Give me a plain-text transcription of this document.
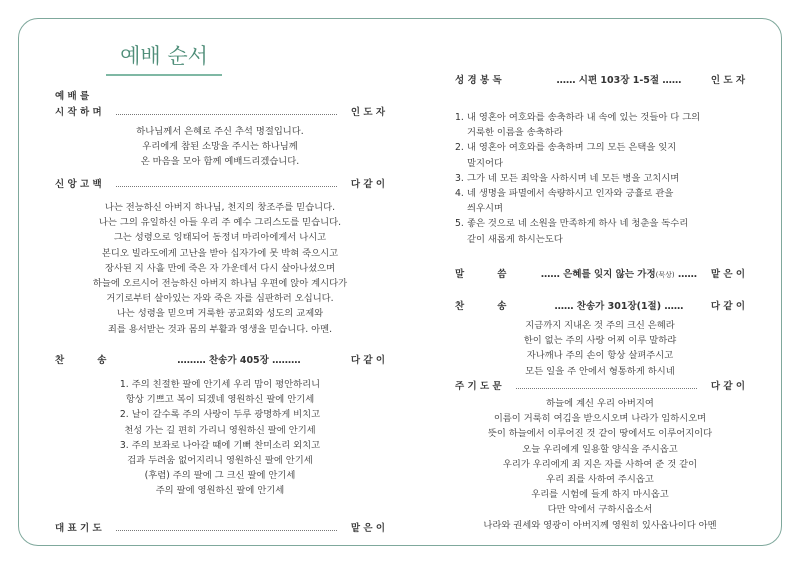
예배 순서
예 배 를
시 작 하 며	인 도 자
하나님께서 은혜로 주신 추석 명절입니다.
우리에게 참된 소망을 주시는 하나님께
온 마음을 모아 함께 예배드리겠습니다.
신 앙 고 백	다 같 이
나는 전능하신 아버지 하나님, 천지의 창조주를 믿습니다.
나는 그의 유일하신 아들 우리 주 예수 그리스도를 믿습니다.
그는 성령으로 잉태되어 동정녀 마리아에게서 나시고
본디오 빌라도에게 고난을 받아 십자가에 못 박혀 죽으시고
장사된 지 사흘 만에 죽은 자 가운데서 다시 살아나셨으며
하늘에 오르시어 전능하신 아버지 하나님 우편에 앉아 계시다가
거기로부터 살아있는 자와 죽은 자를 심판하러 오십니다.
나는 성령을 믿으며 거룩한 공교회와 성도의 교제와
죄를 용서받는 것과 몸의 부활과 영생을 믿습니다. 아멘.
찬          송	……… 찬송가 405장 ………	다 같 이
1. 주의 친절한 팔에 안기세 우리 맘이 평안하리니
항상 기쁘고 복이 되겠네 영원하신 팔에 안기세
2. 날이 갈수록 주의 사랑이 두루 광명하게 비치고
천성 가는 길 편히 가리니 영원하신 팔에 안기세
3. 주의 보좌로 나아갈 때에 기뻐 찬미소리 외치고
겁과 두려움 없어지리니 영원하신 팔에 안기세
(후렴) 주의 팔에 그 크신 팔에 안기세
주의 팔에 영원하신 팔에 안기세
대 표 기 도	맡 은 이
성 경 봉 독	…… 시편 103장 1-5절 ……	인 도 자
1. 내 영혼아 여호와를 송축하라 내 속에 있는 것들아 다 그의
거룩한 이름을 송축하라
2. 내 영혼아 여호와를 송축하며 그의 모든 은택을 잊지
말지어다
3. 그가 네 모든 죄악을 사하시며 네 모든 병을 고치시며
4. 네 생명을 파멸에서 속량하시고 인자와 긍휼로 관을
씌우시며
5. 좋은 것으로 네 소원을 만족하게 하사 네 청춘을 독수리
같이 새롭게 하시는도다
말          씀	…… 은혜를 잊지 않는 가정(묵상) ……	맡 은 이
찬          송	…… 찬송가 301장(1절) ……	다 같 이
지금까지 지내온 것 주의 크신 은혜라
한이 없는 주의 사랑 어찌 이루 말하랴
자나깨나 주의 손이 항상 살펴주시고
모든 일을 주 안에서 형통하게 하시네
주 기 도 문	다 같 이
하늘에 계신 우리 아버지여
이름이 거룩히 여김을 받으시오며 나라가 임하시오며
뜻이 하늘에서 이루어진 것 같이 땅에서도 이루어지이다
오늘 우리에게 일용할 양식을 주시옵고
우리가 우리에게 죄 지은 자를 사하여 준 것 같이
우리 죄를 사하여 주시옵고
우리를 시험에 들게 하지 마시옵고
다만 악에서 구하시옵소서
나라와 권세와 영광이 아버지께 영원히 있사옵나이다 아멘
